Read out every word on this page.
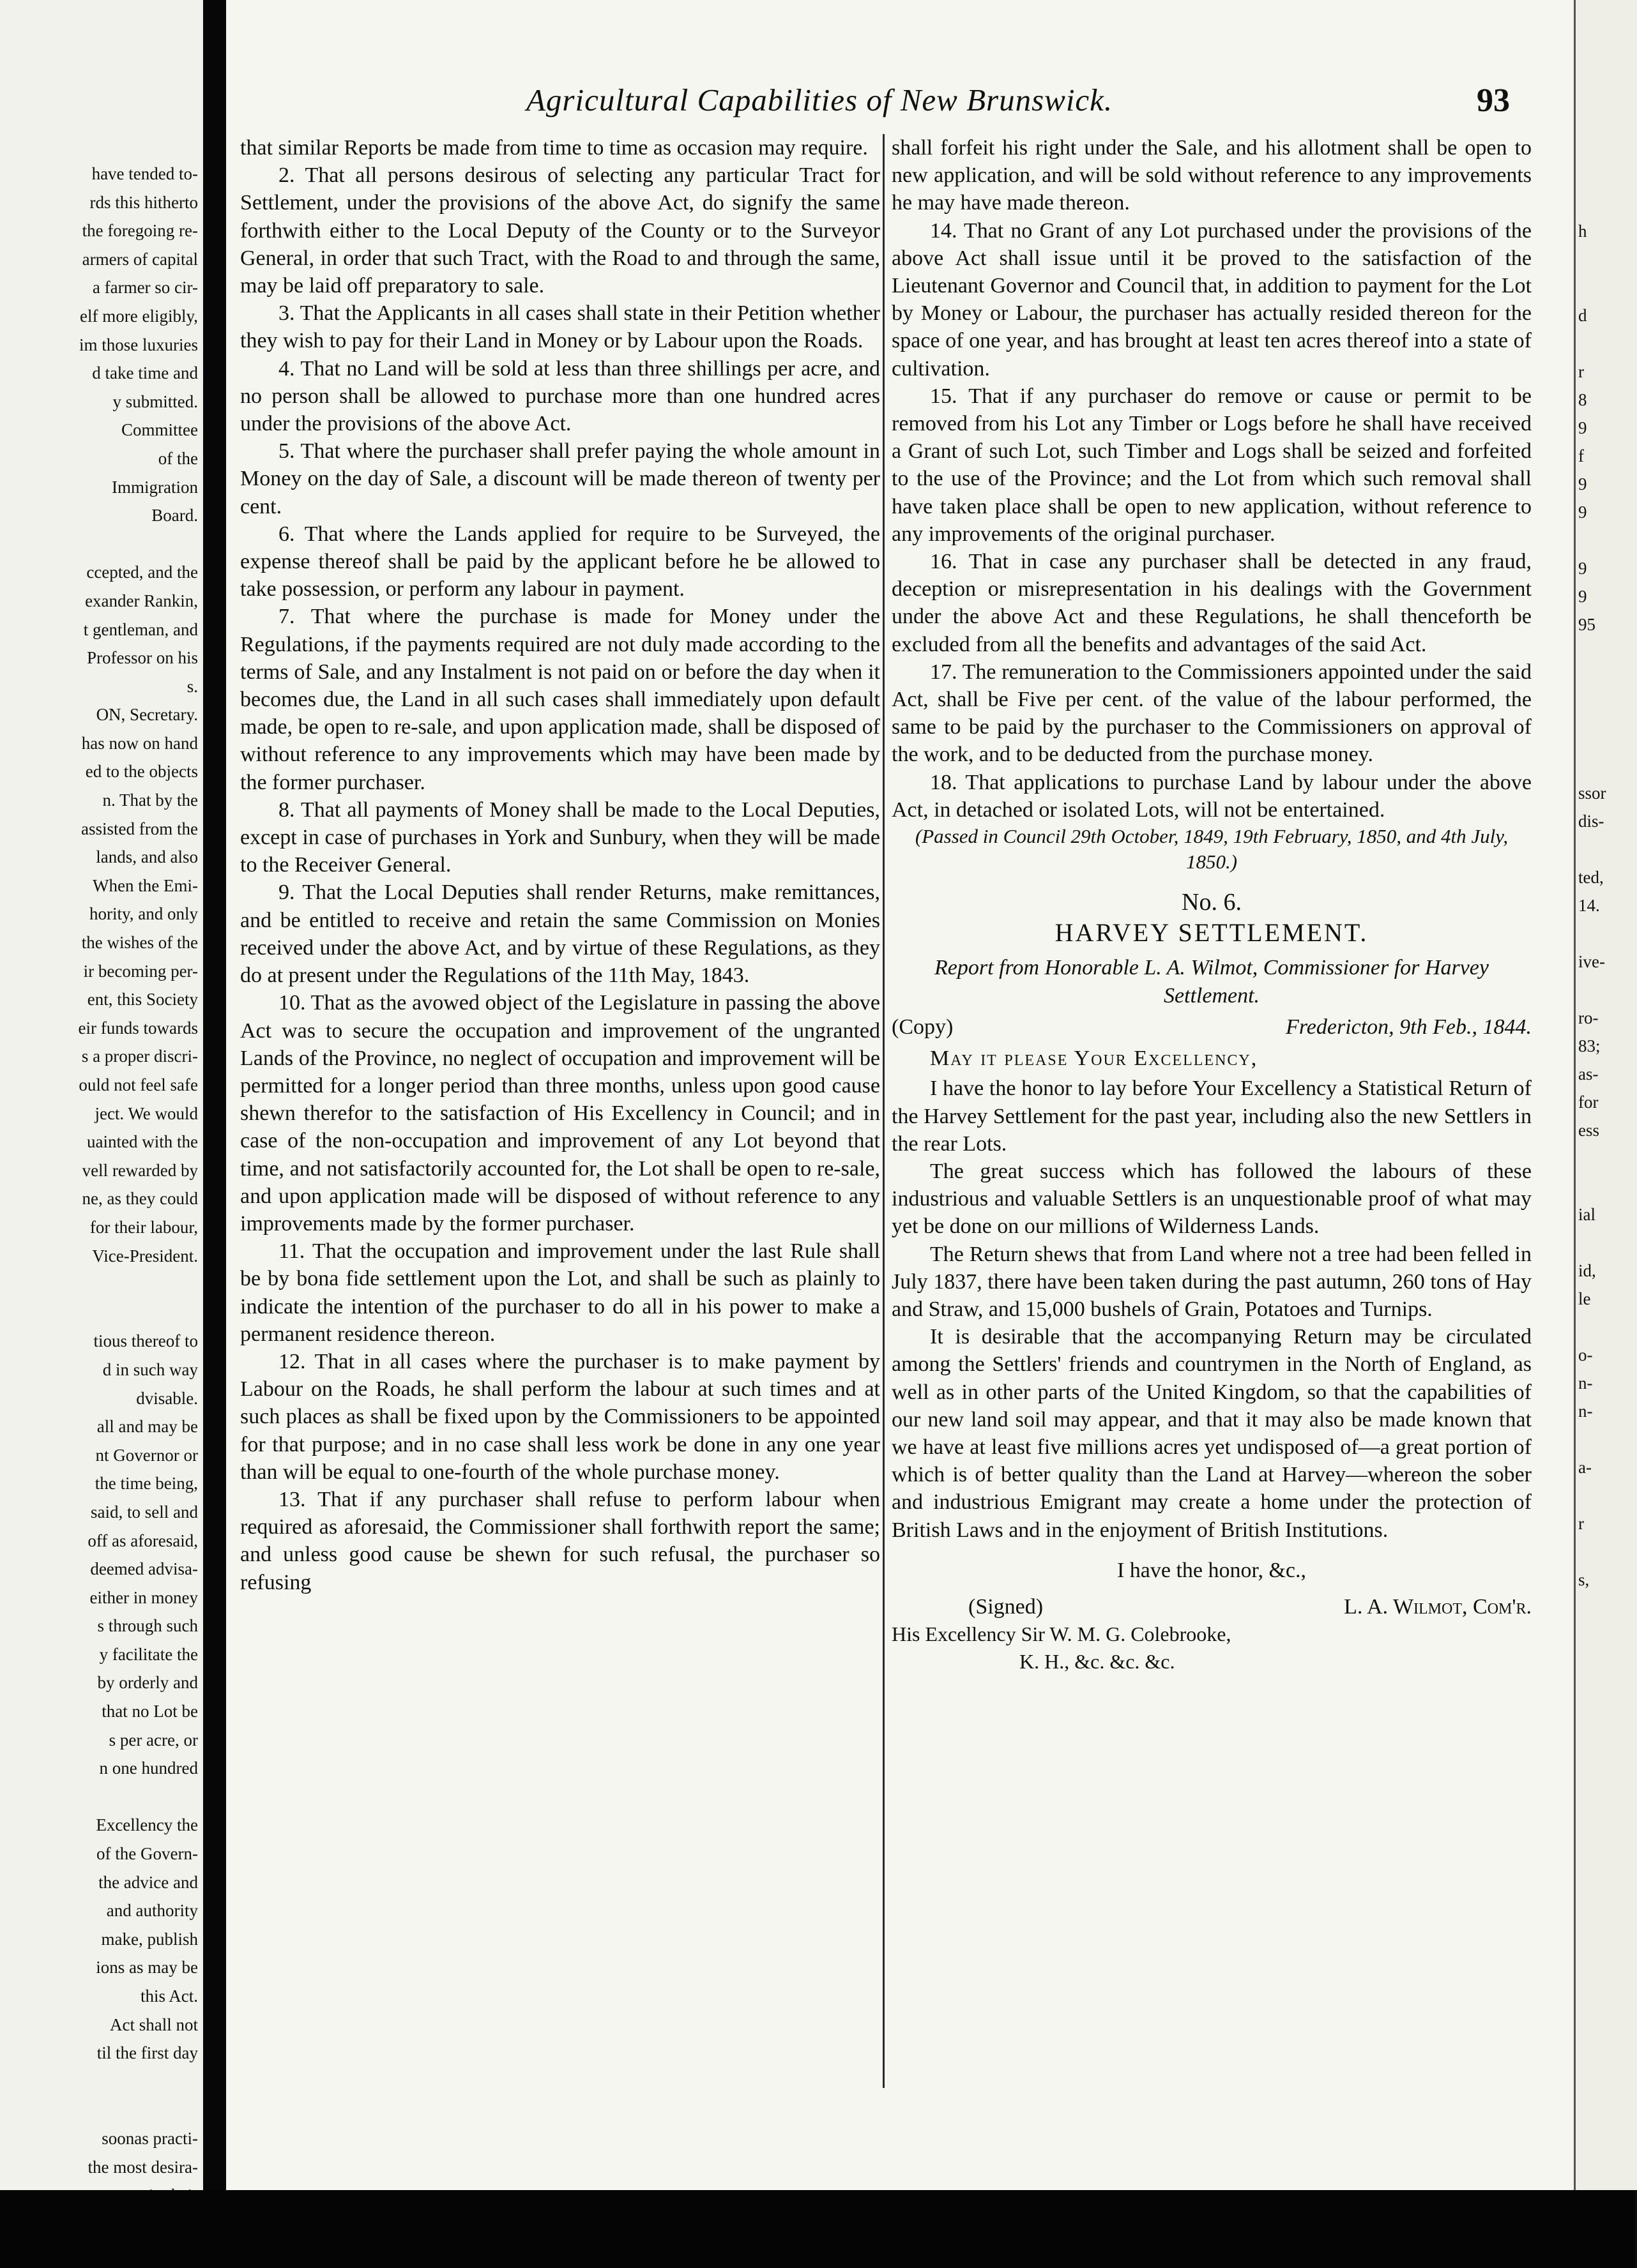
have tended to-
rds this hitherto
the foregoing re-
armers of capital
a farmer so cir-
elf more eligibly,
im those luxuries
d take time and
y submitted.
Committee
of the
Immigration
Board.

ccepted, and the
exander Rankin,
t gentleman, and
Professor on his
s.
ON, Secretary.
has now on hand
ed to the objects
n. That by the
assisted from the
lands, and also
When the Emi-
hority, and only
the wishes of the
ir becoming per-
ent, this Society
eir funds towards
s a proper discri-
ould not feel safe
ject. We would
uainted with the
vell rewarded by
ne, as they could
for their labour,
Vice-President.

tious thereof to
d in such way
dvisable.
all and may be
nt Governor or
the time being,
said, to sell and
off as aforesaid,
deemed advisa-
either in money
s through such
y facilitate the
by orderly and
that no Lot be
s per acre, or
n one hundred

Excellency the
of the Govern-
the advice and
and authority
make, publish
ions as may be
this Act.
Act shall not
til the first day

soonas practi-
the most desira-
Agricultural Capabilities of New Brunswick.	93

that similar Reports be made from time to time as occasion may require.

2. That all persons desirous of selecting any particular Tract for Settlement, under the provisions of the above Act, do signify the same forthwith either to the Local Deputy of the County or to the Surveyor General, in order that such Tract, with the Road to and through the same, may be laid off preparatory to sale.

3. That the Applicants in all cases shall state in their Petition whether they wish to pay for their Land in Money or by Labour upon the Roads.

4. That no Land will be sold at less than three shillings per acre, and no person shall be allowed to purchase more than one hundred acres under the provisions of the above Act.

5. That where the purchaser shall prefer paying the whole amount in Money on the day of Sale, a discount will be made thereon of twenty per cent.

6. That where the Lands applied for require to be Surveyed, the expense thereof shall be paid by the applicant before he be allowed to take possession, or perform any labour in payment.

7. That where the purchase is made for Money under the Regulations, if the payments required are not duly made according to the terms of Sale, and any Instalment is not paid on or before the day when it becomes due, the Land in all such cases shall immediately upon default made, be open to re-sale, and upon application made, shall be disposed of without reference to any improvements which may have been made by the former purchaser.

8. That all payments of Money shall be made to the Local Deputies, except in case of purchases in York and Sunbury, when they will be made to the Receiver General.

9. That the Local Deputies shall render Returns, make remittances, and be entitled to receive and retain the same Commission on Monies received under the above Act, and by virtue of these Regulations, as they do at present under the Regulations of the 11th May, 1843.

10. That as the avowed object of the Legislature in passing the above Act was to secure the occupation and improvement of the ungranted Lands of the Province, no neglect of occupation and improvement will be permitted for a longer period than three months, unless upon good cause shewn therefor to the satisfaction of His Excellency in Council; and in case of the non-occupation and improvement of any Lot beyond that time, and not satisfactorily accounted for, the Lot shall be open to re-sale, and upon application made will be disposed of without reference to any improvements made by the former purchaser.

11. That the occupation and improvement under the last Rule shall be by bona fide settlement upon the Lot, and shall be such as plainly to indicate the intention of the purchaser to do all in his power to make a permanent residence thereon.

12. That in all cases where the purchaser is to make payment by Labour on the Roads, he shall perform the labour at such times and at such places as shall be fixed upon by the Commissioners to be appointed for that purpose; and in no case shall less work be done in any one year than will be equal to one-fourth of the whole purchase money.

13. That if any purchaser shall refuse to perform labour when required as aforesaid, the Commissioner shall forthwith report the same; and unless good cause be shewn for such refusal, the purchaser so refusing

shall forfeit his right under the Sale, and his allotment shall be open to new application, and will be sold without reference to any improvements he may have made thereon.

14. That no Grant of any Lot purchased under the provisions of the above Act shall issue until it be proved to the satisfaction of the Lieutenant Governor and Council that, in addition to payment for the Lot by Money or Labour, the purchaser has actually resided thereon for the space of one year, and has brought at least ten acres thereof into a state of cultivation.

15. That if any purchaser do remove or cause or permit to be removed from his Lot any Timber or Logs before he shall have received a Grant of such Lot, such Timber and Logs shall be seized and forfeited to the use of the Province; and the Lot from which such removal shall have taken place shall be open to new application, without reference to any improvements of the original purchaser.

16. That in case any purchaser shall be detected in any fraud, deception or misrepresentation in his dealings with the Government under the above Act and these Regulations, he shall thenceforth be excluded from all the benefits and advantages of the said Act.

17. The remuneration to the Commissioners appointed under the said Act, shall be Five per cent. of the value of the labour performed, the same to be paid by the purchaser to the Commissioners on approval of the work, and to be deducted from the purchase money.

18. That applications to purchase Land by labour under the above Act, in detached or isolated Lots, will not be entertained.

(Passed in Council 29th October, 1849, 19th February, 1850, and 4th July, 1850.)

No. 6.

HARVEY SETTLEMENT.

Report from Honorable L. A. Wilmot, Commissioner for Harvey Settlement.

(Copy)	Fredericton, 9th Feb., 1844.

May it please Your Excellency,

I have the honor to lay before Your Excellency a Statistical Return of the Harvey Settlement for the past year, including also the new Settlers in the rear Lots.

The great success which has followed the labours of these industrious and valuable Settlers is an unquestionable proof of what may yet be done on our millions of Wilderness Lands.

The Return shews that from Land where not a tree had been felled in July 1837, there have been taken during the past autumn, 260 tons of Hay and Straw, and 15,000 bushels of Grain, Potatoes and Turnips.

It is desirable that the accompanying Return may be circulated among the Settlers' friends and countrymen in the North of England, as well as in other parts of the United Kingdom, so that the capabilities of our new land soil may appear, and that it may also be made known that we have at least five millions acres yet undisposed of—a great portion of which is of better quality than the Land at Harvey—whereon the sober and industrious Emigrant may create a home under the protection of British Laws and in the enjoyment of British Institutions.

I have the honor, &c.,

(Signed)	L. A. Wilmot, Com'r.

His Excellency Sir W. M. G. Colebrooke,

K. H., &c. &c. &c.

h

d

r
8
9
f
9
9

9
9
95

ssor
dis-

ted,
14.

ive-

ro-
83;
as-
for
ess

ial

id,
le

o-
n-
n-

a-

r

s,
